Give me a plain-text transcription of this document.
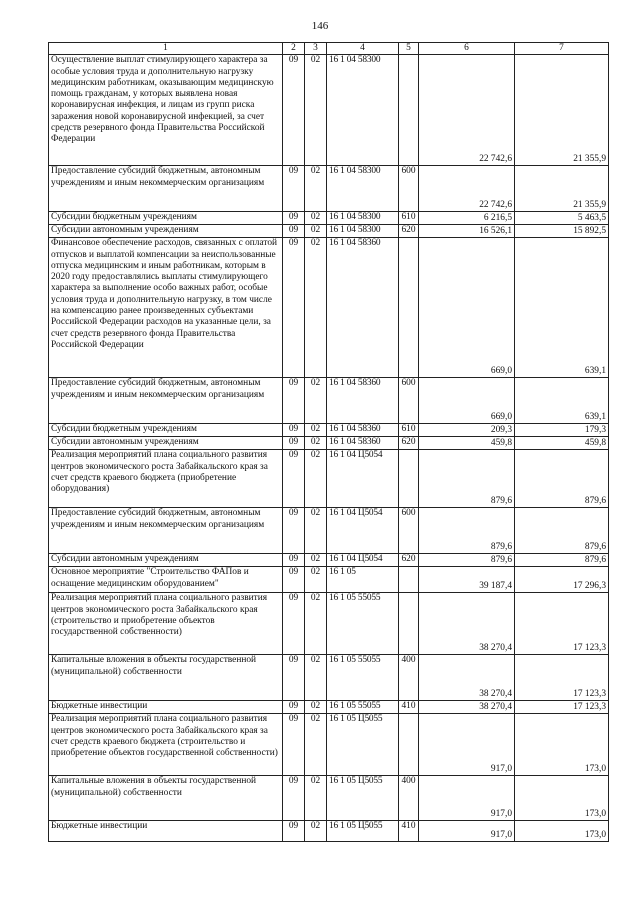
146
1	2	3	4	5	6	7
Осуществление выплат стимулирующего характера за особые условия труда и дополнительную нагрузку медицинским работникам, оказывающим медицинскую помощь гражданам, у которых выявлена новая коронавирусная инфекция, и лицам из групп риска заражения новой коронавирусной инфекцией, за счет средств резервного фонда Правительства Российской Федерации	09	02	16 1 04 58300		22 742,6	21 355,9
Предоставление субсидий бюджетным, автономным учреждениям и иным некоммерческим организациям	09	02	16 1 04 58300	600	22 742,6	21 355,9
Субсидии бюджетным учреждениям	09	02	16 1 04 58300	610	6 216,5	5 463,5
Субсидии автономным учреждениям	09	02	16 1 04 58300	620	16 526,1	15 892,5
Финансовое обеспечение расходов, связанных с оплатой отпусков и выплатой компенсации за неиспользованные отпуска медицинским и иным работникам, которым в 2020 году предоставлялись выплаты стимулирующего характера за выполнение особо важных работ, особые условия труда и дополнительную нагрузку, в том числе на компенсацию ранее произведенных субъектами Российской Федерации расходов на указанные цели, за счет средств резервного фонда Правительства Российской Федерации	09	02	16 1 04 58360		669,0	639,1
Предоставление субсидий бюджетным, автономным учреждениям и иным некоммерческим организациям	09	02	16 1 04 58360	600	669,0	639,1
Субсидии бюджетным учреждениям	09	02	16 1 04 58360	610	209,3	179,3
Субсидии автономным учреждениям	09	02	16 1 04 58360	620	459,8	459,8
Реализация мероприятий плана социального развития центров экономического роста Забайкальского края за счет средств краевого бюджета (приобретение оборудования)	09	02	16 1 04 Ц5054		879,6	879,6
Предоставление субсидий бюджетным, автономным учреждениям и иным некоммерческим организациям	09	02	16 1 04 Ц5054	600	879,6	879,6
Субсидии автономным учреждениям	09	02	16 1 04 Ц5054	620	879,6	879,6
Основное мероприятие "Строительство ФАПов и оснащение медицинским оборудованием"	09	02	16 1 05		39 187,4	17 296,3
Реализация мероприятий плана социального развития центров экономического роста Забайкальского края (строительство и приобретение объектов государственной собственности)	09	02	16 1 05 55055		38 270,4	17 123,3
Капитальные вложения в объекты государственной (муниципальной) собственности	09	02	16 1 05 55055	400	38 270,4	17 123,3
Бюджетные инвестиции	09	02	16 1 05 55055	410	38 270,4	17 123,3
Реализация мероприятий плана социального развития центров экономического роста Забайкальского края за счет средств краевого бюджета (строительство и приобретение объектов государственной собственности)	09	02	16 1 05 Ц5055		917,0	173,0
Капитальные вложения в объекты государственной (муниципальной) собственности	09	02	16 1 05 Ц5055	400	917,0	173,0
Бюджетные инвестиции	09	02	16 1 05 Ц5055	410	917,0	173,0
